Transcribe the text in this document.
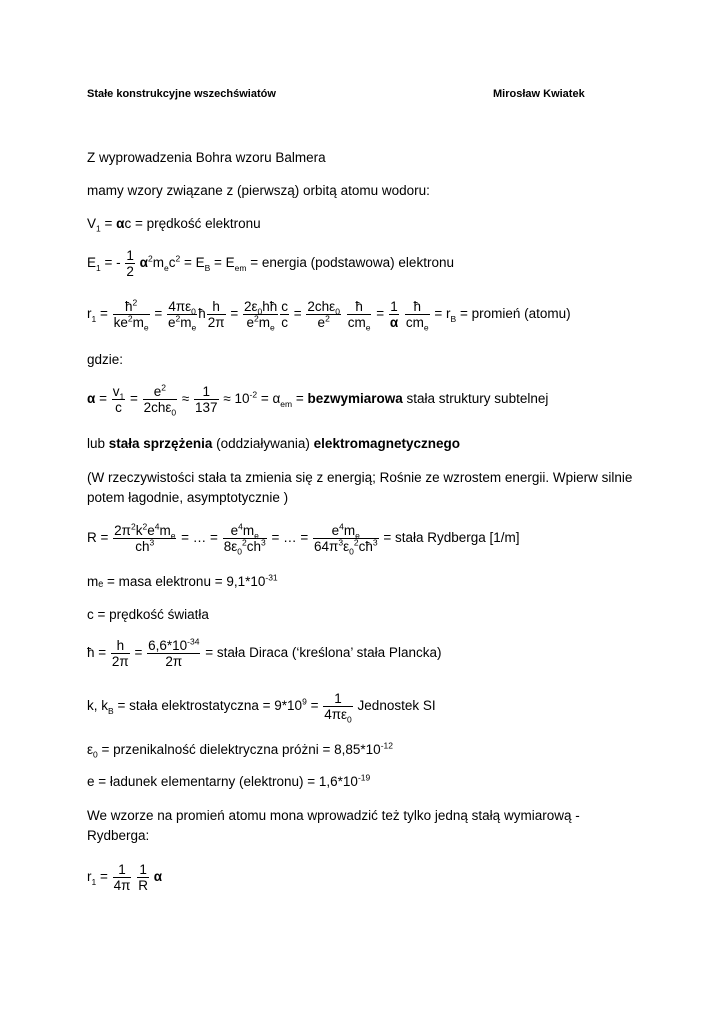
Stałe konstrukcyjne wszechświatów	Mirosław Kwiatek
Z wyprowadzenia Bohra wzoru Balmera
mamy wzory związane z (pierwszą) orbitą atomu wodoru:
$V_1 = \alpha c$ = prędkość elektronu
$E_1$ = - $\frac{1}{2} \alpha^2m_ec^2 = E_B = E_{em}$ = energia (podstawowa) elektronu
$r_1 = \frac{ħ^2}{ke^2m_e} = \frac{4\pi\varepsilon_0}{e^2m_e}$ ħ $\frac{h}{2\pi} = \frac{2\varepsilon_0hħ}{e^2m_e} \frac{c}{c} = \frac{2ch\varepsilon_0}{e^2}$
$\frac{ħ}{cm_e} = \frac{1}{\alpha}$
$\frac{ħ}{cm_e} = r_B$ = promień (atomu)
gdzie:
$\alpha = \frac{v_1}{c} = \frac{e^2}{2ch\varepsilon_0} \approx \frac{1}{137} \approx 10^{-2} = \alpha_{em}$ = bezwymiarowa stała struktury subtelnej
lub stała sprzężenia (oddziaływania) elektromagnetycznego
(W rzeczywistości stała ta zmienia się z energią; Rośnie ze wzrostem energii. Wpierw silnie
potem łagodnie, asymptotycznie )
$R = \frac{2\pi^2k^2e^4m_e}{ch^3}$ = … = $\frac{e^4m_e}{8\varepsilon_0^2ch^3}$ = … = $\frac{e^4m_e}{64\pi^3\varepsilon_0^2cħ^3}$ = stała Rydberga [1/m]
mₑ = masa elektronu = $9,1*10^{-31}$
c = prędkość światła
ħ = $\frac{h}{2\pi} = \frac{6,6*10^{-34}}{2\pi}$ = stała Diraca (‘kreślona’ stała Plancka)
k, $k_B$ = stała elektrostatyczna = $9*10^9 = \frac{1}{4\pi\varepsilon_0}$ Jednostek SI
$\varepsilon_0$ = przenikalność dielektryczna próżni = $8,85*10^{-12}$
e = ładunek elementarny (elektronu) = $1,6*10^{-19}$
We wzorze na promień atomu mona wprowadzić też tylko jedną stałą wymiarową -
Rydberga:
$r_1 = \frac{1}{4\pi}$
$\frac{1}{R}$ α
